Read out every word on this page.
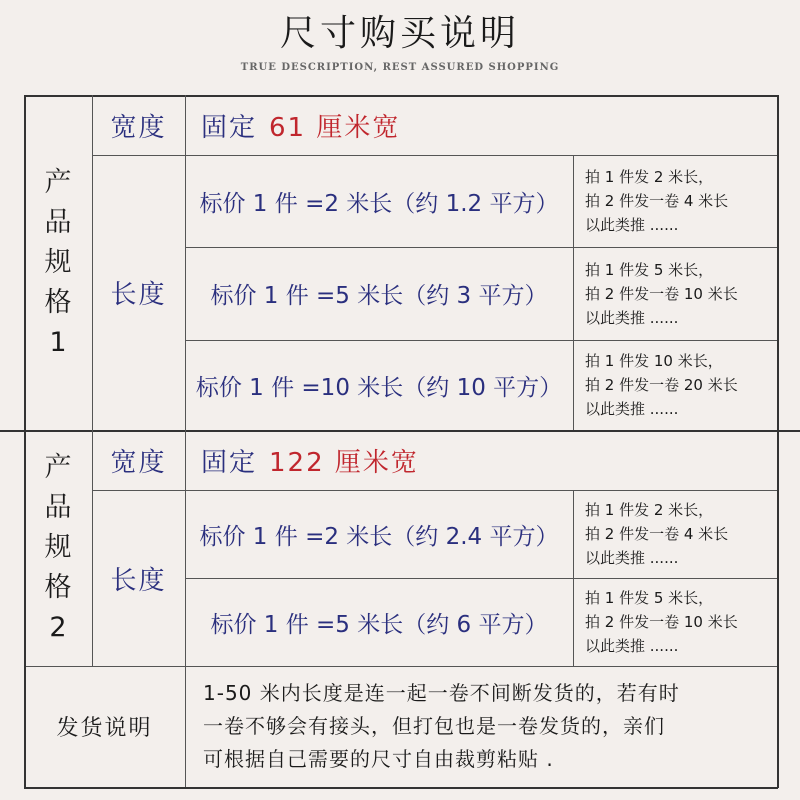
尺寸购买说明
TRUE DESCRIPTION, REST ASSURED SHOPPING
产
品
规
格
1
宽度 固定 61 厘米宽
长度
标价 1 件 =2 米长（约 1.2 平方）
拍 1 件发 2 米长，
拍 2 件发一卷 4 米长
以此类推 ......
标价 1 件 =5 米长（约 3 平方）
拍 1 件发 5 米长，
拍 2 件发一卷 10 米长
以此类推 ......
标价 1 件 =10 米长（约 10 平方）
拍 1 件发 10 米长，
拍 2 件发一卷 20 米长
以此类推 ......
产
品
规
格
2
宽度 固定 122 厘米宽
长度
标价 1 件 =2 米长（约 2.4 平方）
拍 1 件发 2 米长，
拍 2 件发一卷 4 米长
以此类推 ......
标价 1 件 =5 米长（约 6 平方）
拍 1 件发 5 米长，
拍 2 件发一卷 10 米长
以此类推 ......
发货说明
1-50 米内长度是连一起一卷不间断发货的，若有时
一卷不够会有接头，但打包也是一卷发货的，亲们
可根据自己需要的尺寸自由裁剪粘贴 .
